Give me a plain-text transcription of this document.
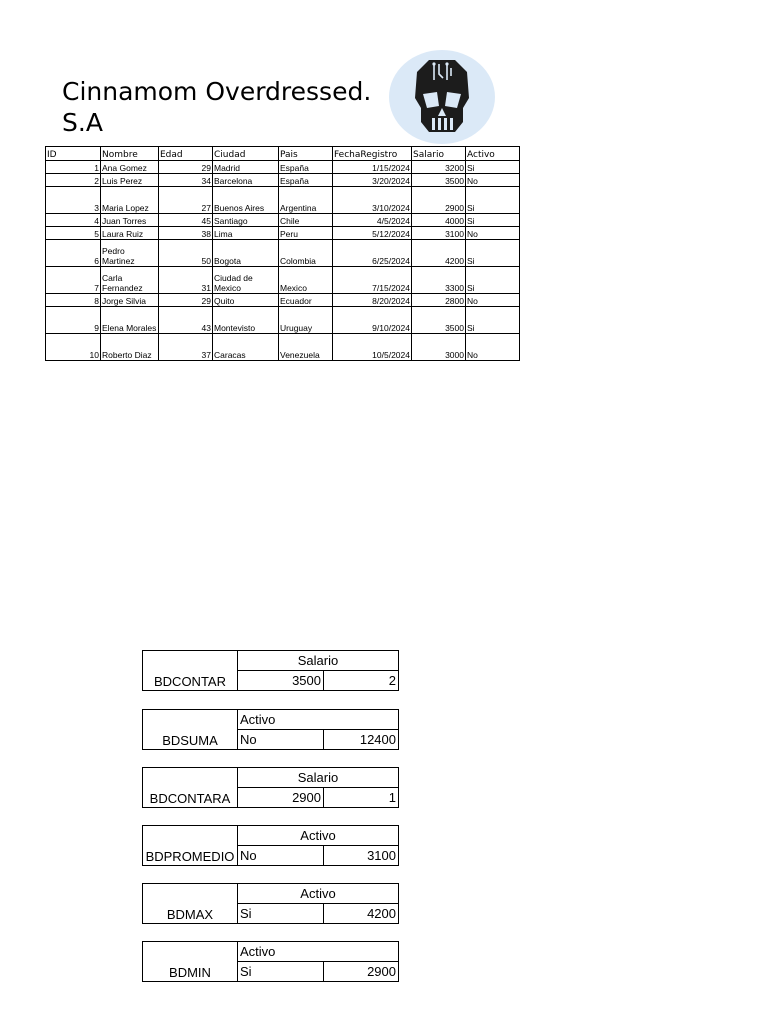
Cinnamom Overdressed.
S.A
ID	Nombre	Edad	Ciudad	Pais	FechaRegistro	Salario	Activo
1	Ana Gomez	29	Madrid	España	1/15/2024	3200	Si
2	Luis Perez	34	Barcelona	España	3/20/2024	3500	No
3	Maria Lopez	27	Buenos Aires	Argentina	3/10/2024	2900	Si
4	Juan Torres	45	Santiago	Chile	4/5/2024	4000	Si
5	Laura Ruiz	38	Lima	Peru	5/12/2024	3100	No
6	Pedro Martinez	50	Bogota	Colombia	6/25/2024	4200	Si
7	Carla Fernandez	31	Ciudad de Mexico	Mexico	7/15/2024	3300	Si
8	Jorge Silvia	29	Quito	Ecuador	8/20/2024	2800	No
9	Elena Morales	43	Montevisto	Uruguay	9/10/2024	3500	Si
10	Roberto Diaz	37	Caracas	Venezuela	10/5/2024	3000	No
BDCONTAR	Salario	
	3500	2
BDSUMA	Activo	
	No	12400
BDCONTARA	Salario	
	2900	1
BDPROMEDIO	Activo	
	No	3100
BDMAX	Activo	
	Si	4200
BDMIN	Activo	
	Si	2900
